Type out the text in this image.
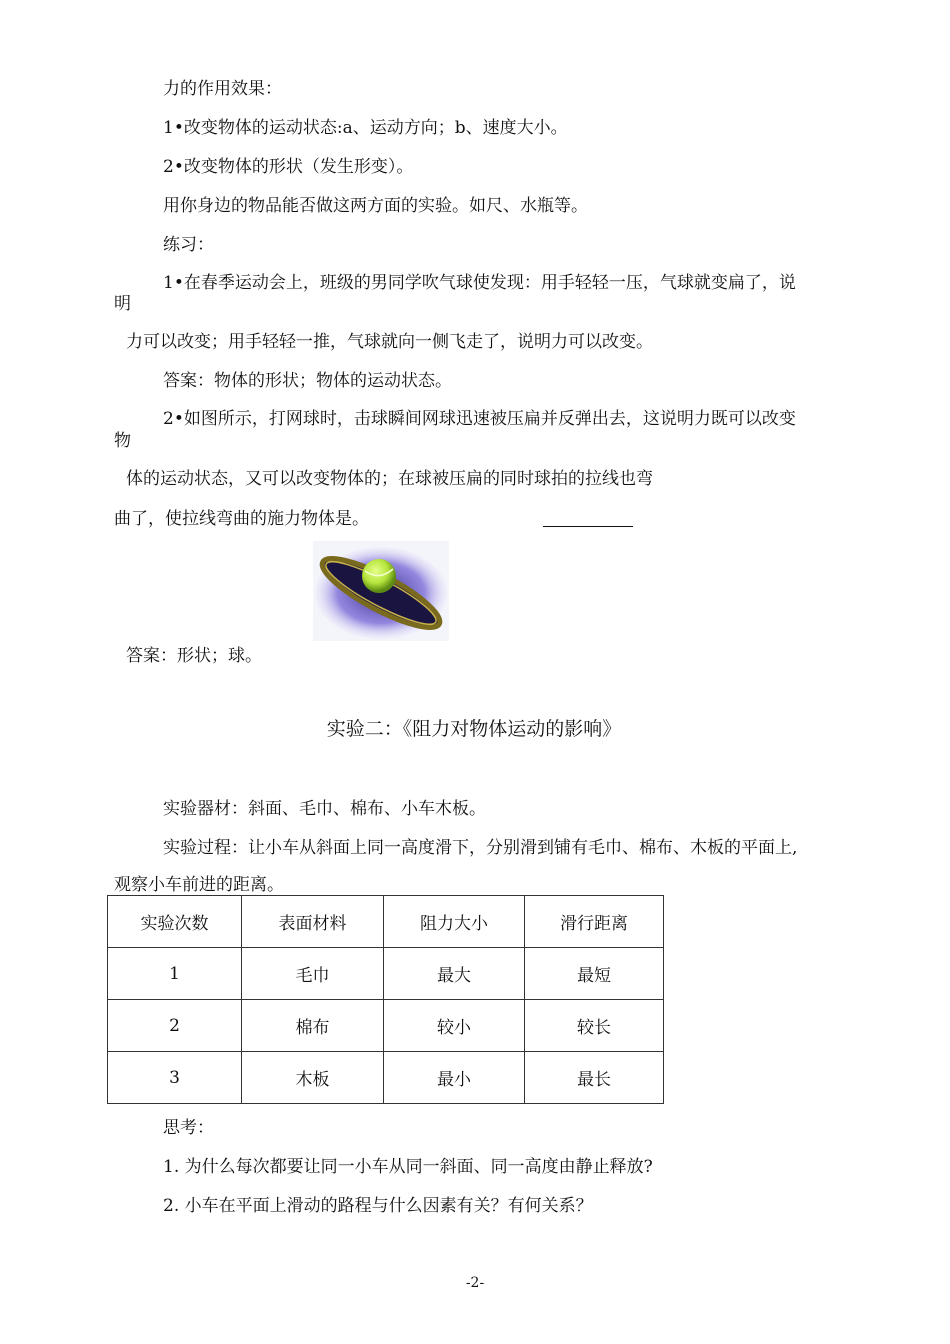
力的作用效果：
1•改变物体的运动状态:a、运动方向；b、速度大小。
2•改变物体的形状（发生形变）。
用你身边的物品能否做这两方面的实验。如尺、水瓶等。
练习：
1•在春季运动会上，班级的男同学吹气球使发现：用手轻轻一压，气球就变扁了，说
明
力可以改变；用手轻轻一推，气球就向一侧飞走了，说明力可以改变。
答案：物体的形状；物体的运动状态。
2•如图所示，打网球时，击球瞬间网球迅速被压扁并反弹出去，这说明力既可以改变
物
体的运动状态，又可以改变物体的；在球被压扁的同时球拍的拉线也弯
曲了，使拉线弯曲的施力物体是。
答案：形状；球。
实验二：《阻力对物体运动的影响》
实验器材：斜面、毛巾、棉布、小车木板。
实验过程：让小车从斜面上同一高度滑下，分别滑到铺有毛巾、棉布、木板的平面上,
观察小车前进的距离。
实验次数	表面材料	阻力大小	滑行距离
1	毛巾	最大	最短
2	棉布	较小	较长
3	木板	最小	最长
思考：
1. 为什么每次都要让同一小车从同一斜面、同一高度由静止释放?
2. 小车在平面上滑动的路程与什么因素有关？有何关系？
-2-
